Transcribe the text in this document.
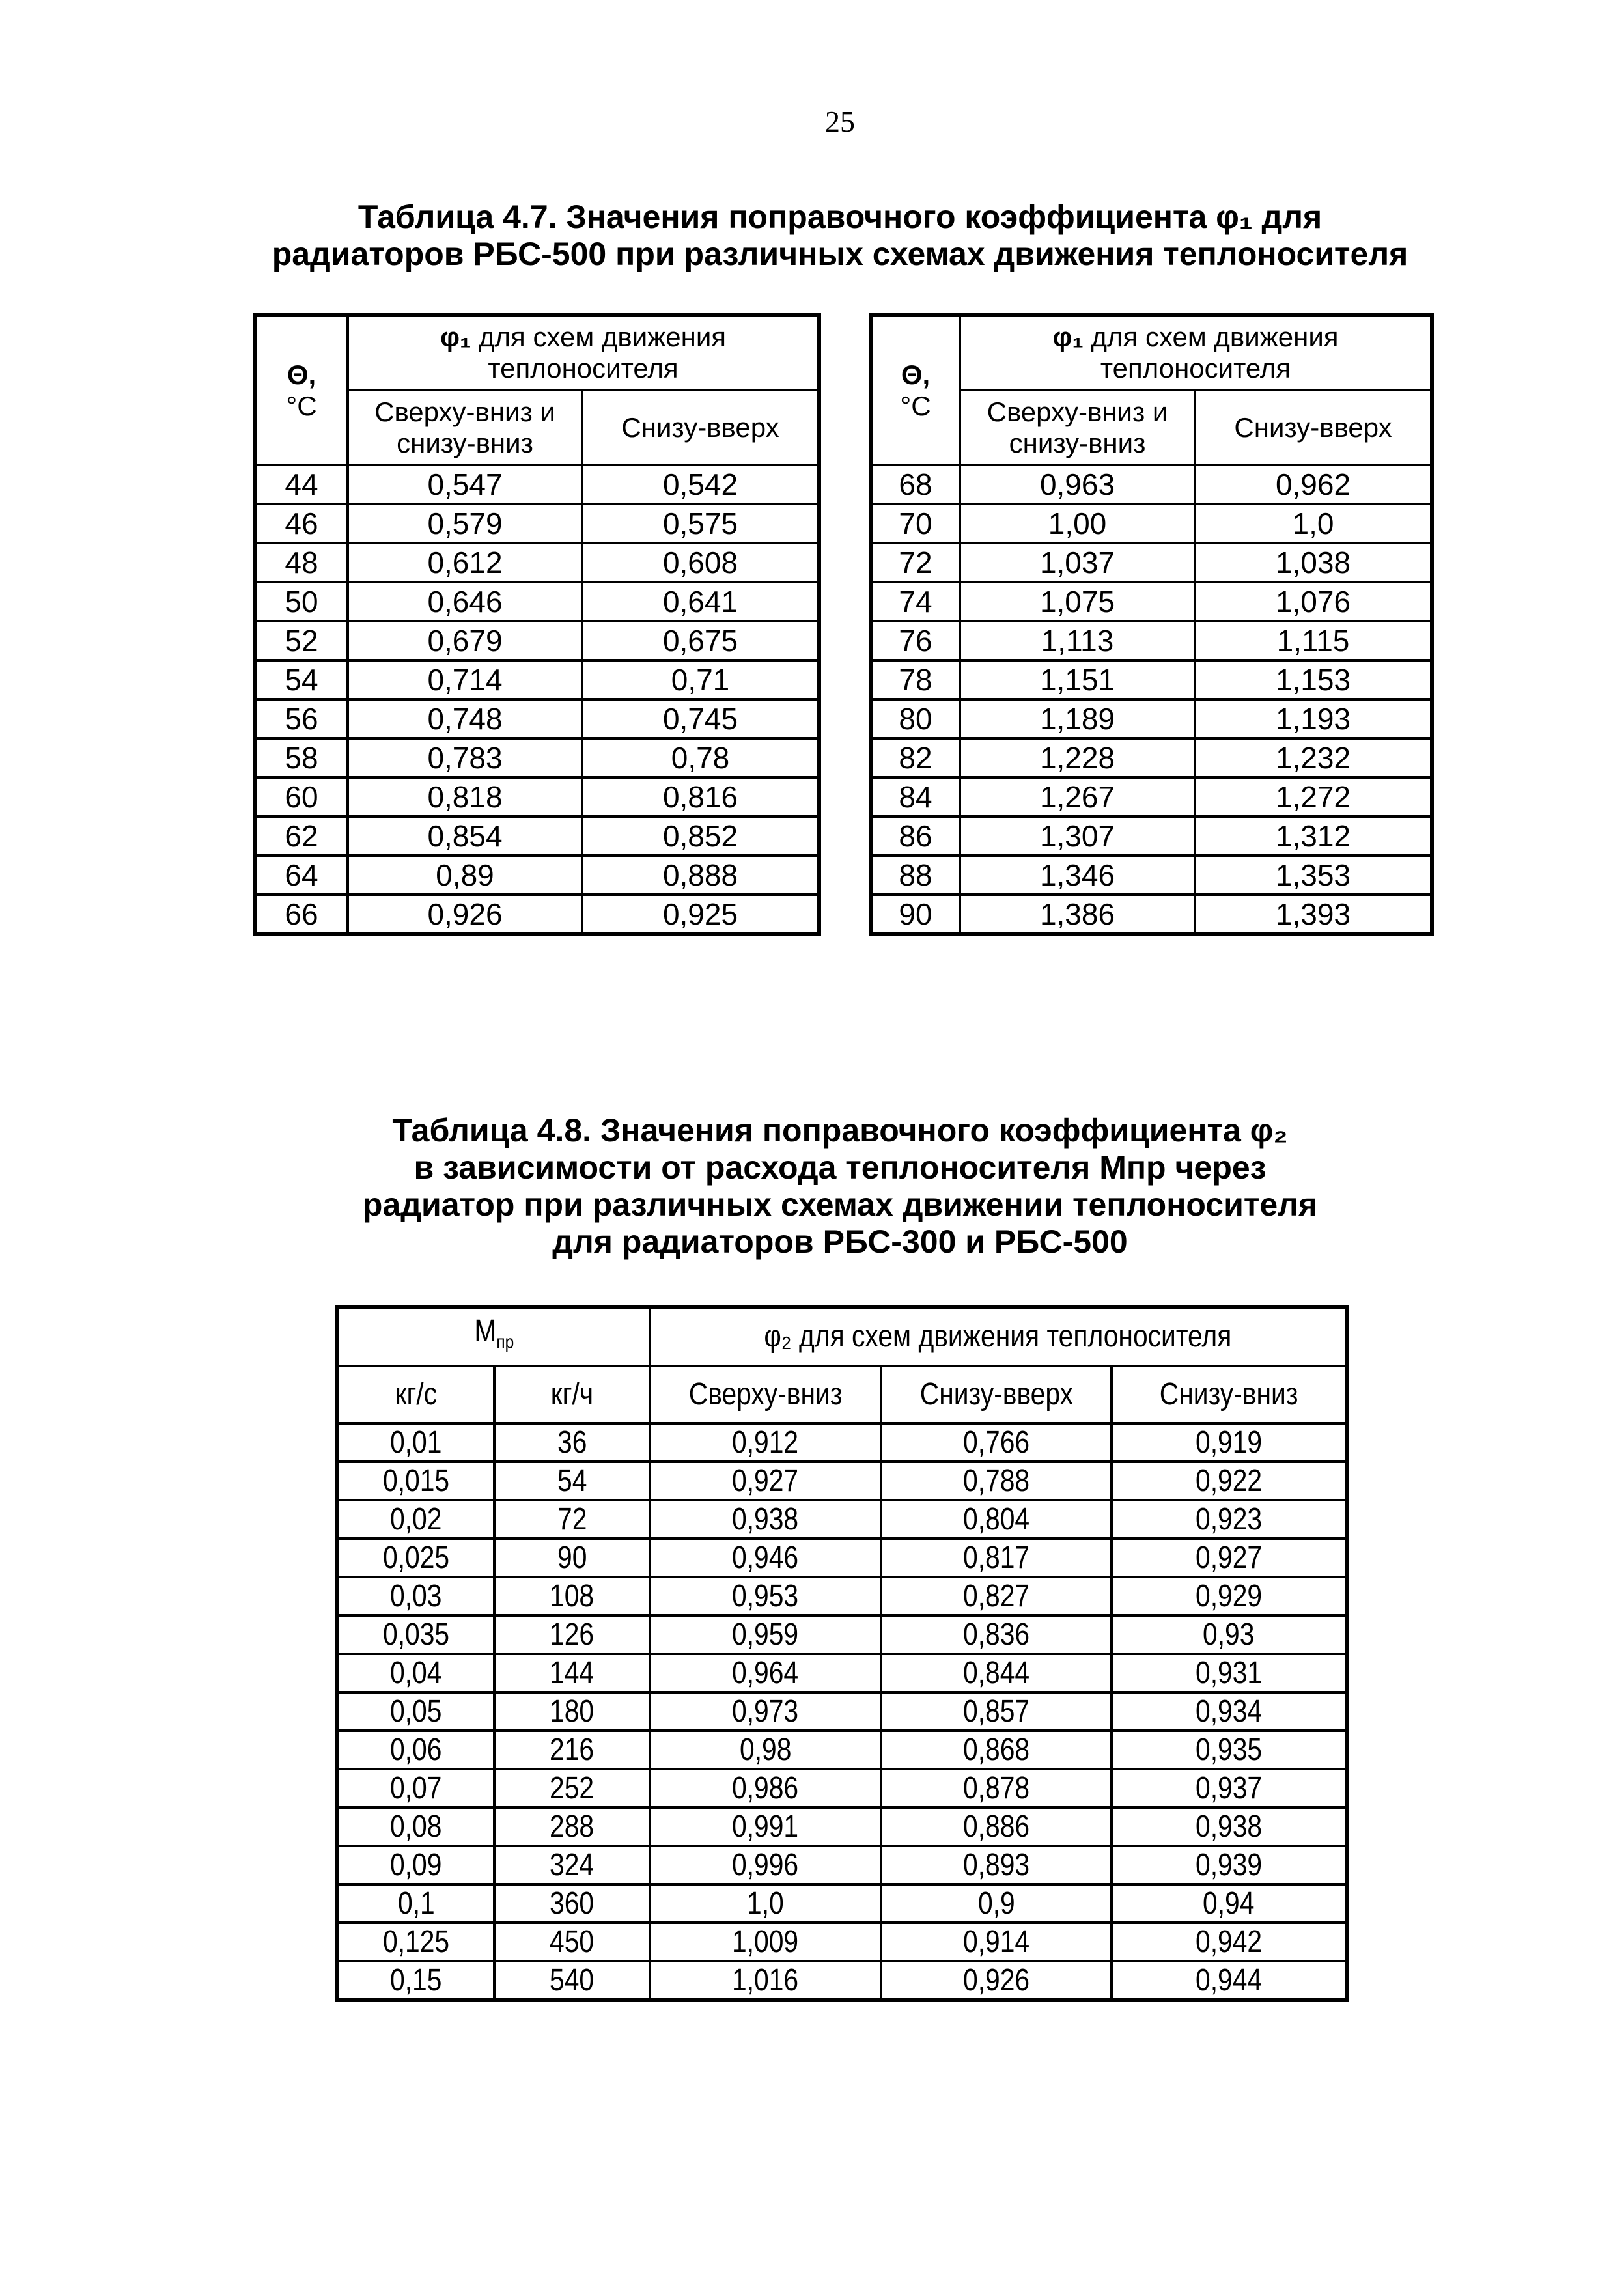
25
Таблица 4.7. Значения поправочного коэффициента φ₁ для
радиаторов РБС-500 при различных схемах движения теплоносителя
Θ,
°C	φ₁ для схем движения теплоносителя	
	Сверху-вниз и снизу-вниз	Снизу-вверх
44	0,547	0,542
46	0,579	0,575
48	0,612	0,608
50	0,646	0,641
52	0,679	0,675
54	0,714	0,71
56	0,748	0,745
58	0,783	0,78
60	0,818	0,816
62	0,854	0,852
64	0,89	0,888
66	0,926	0,925
Θ,
°C	φ₁ для схем движения теплоносителя	
	Сверху-вниз и снизу-вниз	Снизу-вверх
68	0,963	0,962
70	1,00	1,0
72	1,037	1,038
74	1,075	1,076
76	1,113	1,115
78	1,151	1,153
80	1,189	1,193
82	1,228	1,232
84	1,267	1,272
86	1,307	1,312
88	1,346	1,353
90	1,386	1,393
Таблица 4.8. Значения поправочного коэффициента φ₂
в зависимости от расхода теплоносителя Mпр через
радиатор при различных схемах движении теплоносителя
для радиаторов РБС-300 и РБС-500
$M_{пр}$		φ₂ для схем движения теплоносителя		
кг/с	кг/ч	Сверху-вниз	Снизу-вверх	Снизу-вниз
0,01	36	0,912	0,766	0,919
0,015	54	0,927	0,788	0,922
0,02	72	0,938	0,804	0,923
0,025	90	0,946	0,817	0,927
0,03	108	0,953	0,827	0,929
0,035	126	0,959	0,836	0,93
0,04	144	0,964	0,844	0,931
0,05	180	0,973	0,857	0,934
0,06	216	0,98	0,868	0,935
0,07	252	0,986	0,878	0,937
0,08	288	0,991	0,886	0,938
0,09	324	0,996	0,893	0,939
0,1	360	1,0	0,9	0,94
0,125	450	1,009	0,914	0,942
0,15	540	1,016	0,926	0,944
